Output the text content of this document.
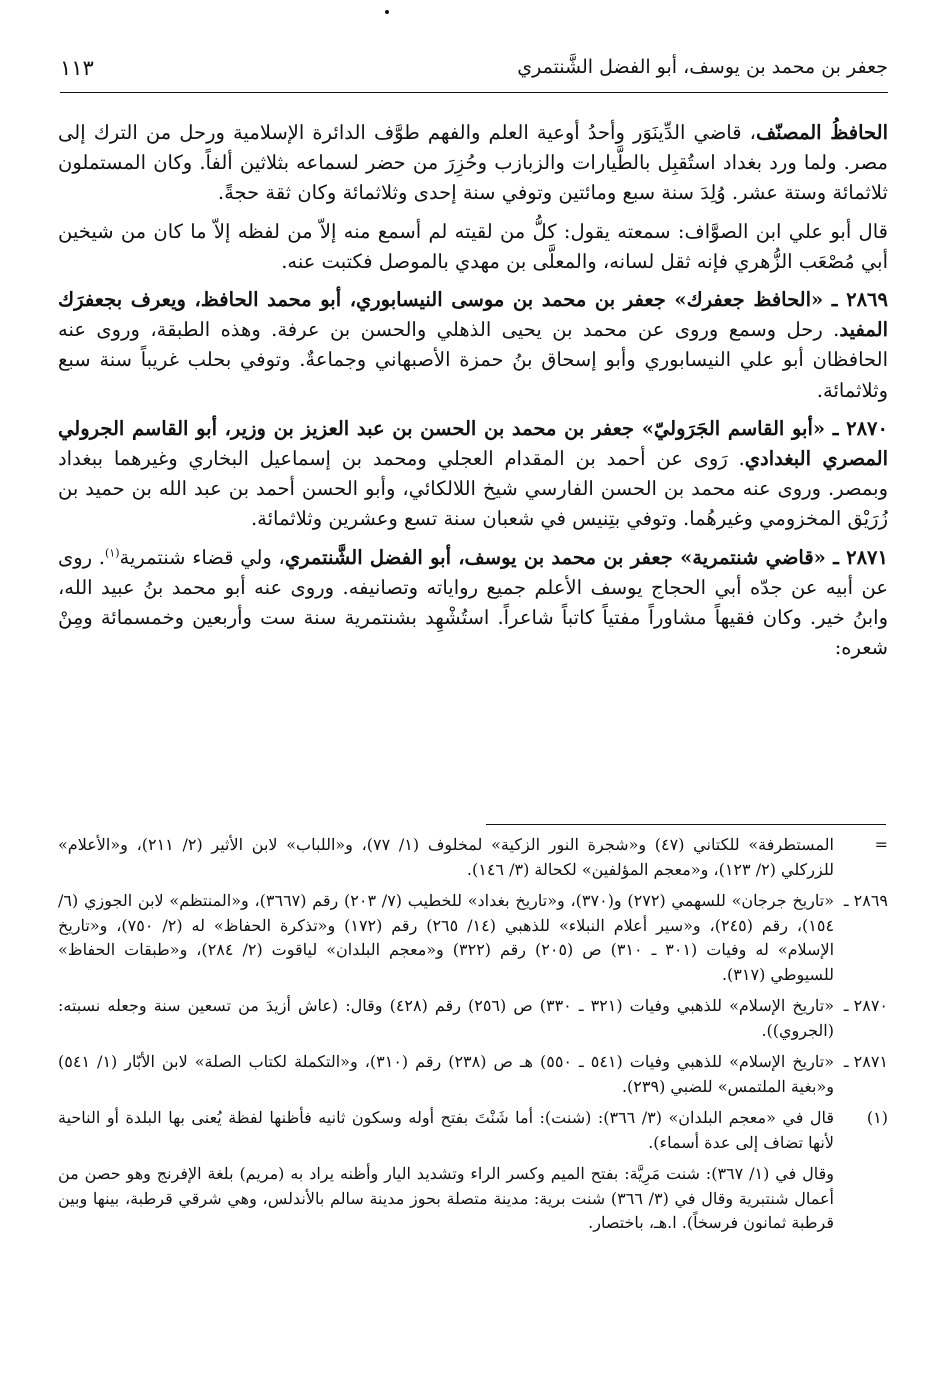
جعفر بن محمد بن يوسف، أبو الفضل الشَّنتمري
١١٣

الحافظُ المصنّف، قاضي الدِّينَوَر وأحدُ أوعية العلم والفهم طوَّف الدائرة الإسلامية ورحل من الترك إلى مصر. ولما ورد بغداد استُقبِل بالطَّيارات والزبازب وحُزِرَ من حضر لسماعه بثلاثين ألفاً. وكان المستملون ثلاثمائة وستة عشر. وُلِدَ سنة سبع ومائتين وتوفي سنة إحدى وثلاثمائة وكان ثقة حجةً.

قال أبو علي ابن الصوَّاف: سمعته يقول: كلُّ من لقيته لم أسمع منه إلاّ من لفظه إلاّ ما كان من شيخين أبي مُصْعَب الزُّهري فإنه ثقل لسانه، والمعلَّى بن مهدي بالموصل فكتبت عنه.

٢٨٦٩ ـ «الحافظ جعفرك» جعفر بن محمد بن موسى النيسابوري، أبو محمد الحافظ، ويعرف بجعفرَك المفيد. رحل وسمع وروى عن محمد بن يحيى الذهلي والحسن بن عرفة. وهذه الطبقة، وروى عنه الحافظان أبو علي النيسابوري وأبو إسحاق بنُ حمزة الأصبهاني وجماعةٌ. وتوفي بحلب غريباً سنة سبع وثلاثمائة.

٢٨٧٠ ـ «أبو القاسم الجَرَوليّ» جعفر بن محمد بن الحسن بن عبد العزيز بن وزير، أبو القاسم الجرولي المصري البغدادي. رَوى عن أحمد بن المقدام العجلي ومحمد بن إسماعيل البخاري وغيرهما ببغداد وبمصر. وروى عنه محمد بن الحسن الفارسي شيخ اللالكائي، وأبو الحسن أحمد بن عبد الله بن حميد بن زُرَيْق المخزومي وغيرهُما. وتوفي بتِنيس في شعبان سنة تسع وعشرين وثلاثمائة.

٢٨٧١ ـ «قاضي شنتمرية» جعفر بن محمد بن يوسف، أبو الفضل الشَّنتمري، ولي قضاء شنتمرية$^{(١)}$. روى عن أبيه عن جدّه أبي الحجاج يوسف الأعلم جميع رواياته وتصانيفه. وروى عنه أبو محمد بنُ عبيد الله، وابنُ خير. وكان فقيهاً مشاوراً مفتياً كاتباً شاعراً. استُشْهِد بشنتمرية سنة ست وأربعين وخمسمائة ومِنْ شعره:

=
المستطرفة» للكتاني (٤٧) و«شجرة النور الزكية» لمخلوف (١/ ٧٧)، و«اللباب» لابن الأثير (٢/ ٢١١)، و«الأعلام» للزركلي (٢/ ١٢٣)، و«معجم المؤلفين» لكحالة (٣/ ١٤٦).
٢٨٦٩ ـ
«تاريخ جرجان» للسهمي (٢٧٢) و(٣٧٠)، و«تاريخ بغداد» للخطيب (٧/ ٢٠٣) رقم (٣٦٦٧)، و«المنتظم» لابن الجوزي (٦/ ١٥٤)، رقم (٢٤٥)، و«سير أعلام النبلاء» للذهبي (١٤/ ٢٦٥) رقم (١٧٢) و«تذكرة الحفاظ» له (٢/ ٧٥٠)، و«تاريخ الإسلام» له وفيات (٣٠١ ـ ٣١٠) ص (٢٠٥) رقم (٣٢٢) و«معجم البلدان» لياقوت (٢/ ٢٨٤)، و«طبقات الحفاظ» للسيوطي (٣١٧).
٢٨٧٠ ـ
«تاريخ الإسلام» للذهبي وفيات (٣٢١ ـ ٣٣٠) ص (٢٥٦) رقم (٤٢٨) وقال: (عاش أزيدَ من تسعين سنة وجعله نسبته: (الجروي)).
٢٨٧١ ـ
«تاريخ الإسلام» للذهبي وفيات (٥٤١ ـ ٥٥٠) هـ ص (٢٣٨) رقم (٣١٠)، و«التكملة لكتاب الصلة» لابن الأبّار (١/ ٥٤١) و«بغية الملتمس» للضبي (٢٣٩).
(١)
قال في «معجم البلدان» (٣/ ٣٦٦): (شنت): أما شَنْتَ بفتح أوله وسكون ثانيه فأظنها لفظة يُعنى بها البلدة أو الناحية لأنها تضاف إلى عدة أسماء).
وقال في (١/ ٣٦٧): شنت مَرِيَّة: بفتح الميم وكسر الراء وتشديد اليار وأظنه يراد به (مريم) بلغة الإفرنج وهو حصن من أعمال شنتبرية وقال في (٣/ ٣٦٦) شنت برية: مدينة متصلة بحوز مدينة سالم بالأندلس، وهي شرقي قرطبة، بينها وبين قرطبة ثمانون فرسخاً). ا.هـ، باختصار.
